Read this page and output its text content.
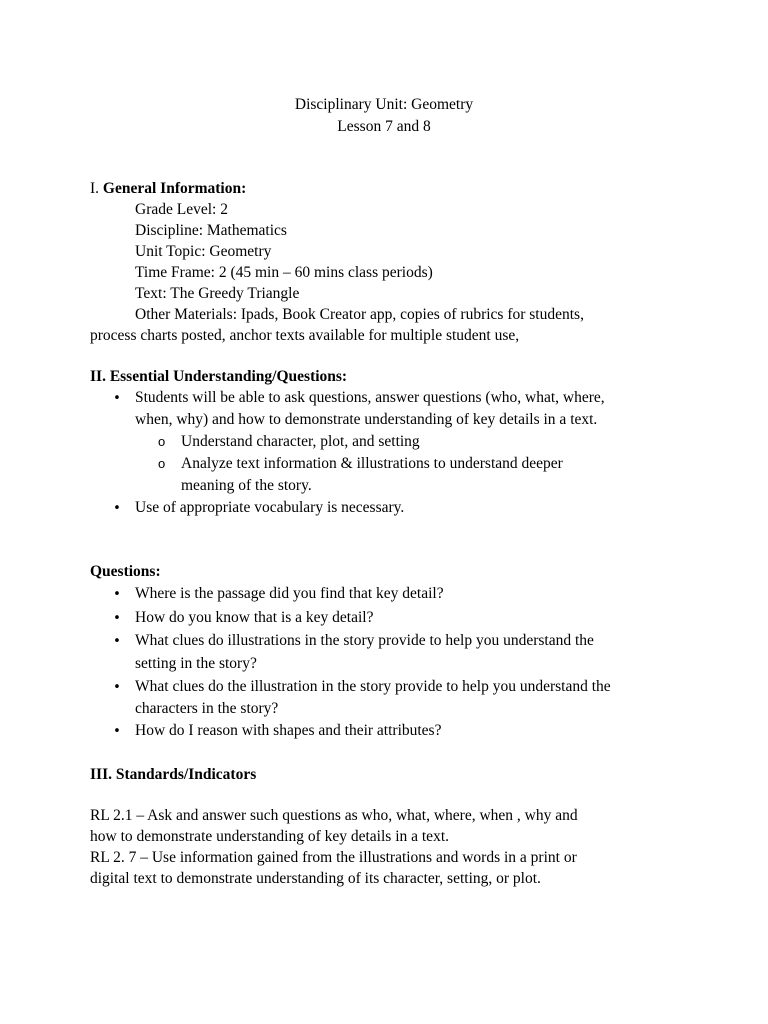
Disciplinary Unit: Geometry
Lesson 7 and 8
I. General Information:
Grade Level: 2
Discipline: Mathematics
Unit Topic: Geometry
Time Frame: 2 (45 min – 60 mins class periods)
Text: The Greedy Triangle
Other Materials: Ipads, Book Creator app, copies of rubrics for students,
process charts posted, anchor texts available for multiple student use,
II. Essential Understanding/Questions:
•
Students will be able to ask questions, answer questions (who, what, where,
when, why) and how to demonstrate understanding of key details in a text.
o Understand character, plot, and setting
o Analyze text information & illustrations to understand deeper
meaning of the story.
•
Use of appropriate vocabulary is necessary.
Questions:
•
Where is the passage did you find that key detail?
•
How do you know that is a key detail?
•
What clues do illustrations in the story provide to help you understand the
setting in the story?
•
What clues do the illustration in the story provide to help you understand the
characters in the story?
•
How do I reason with shapes and their attributes?
III. Standards/Indicators
RL 2.1 – Ask and answer such questions as who, what, where, when , why and
how to demonstrate understanding of key details in a text.
RL 2. 7 – Use information gained from the illustrations and words in a print or
digital text to demonstrate understanding of its character, setting, or plot.
